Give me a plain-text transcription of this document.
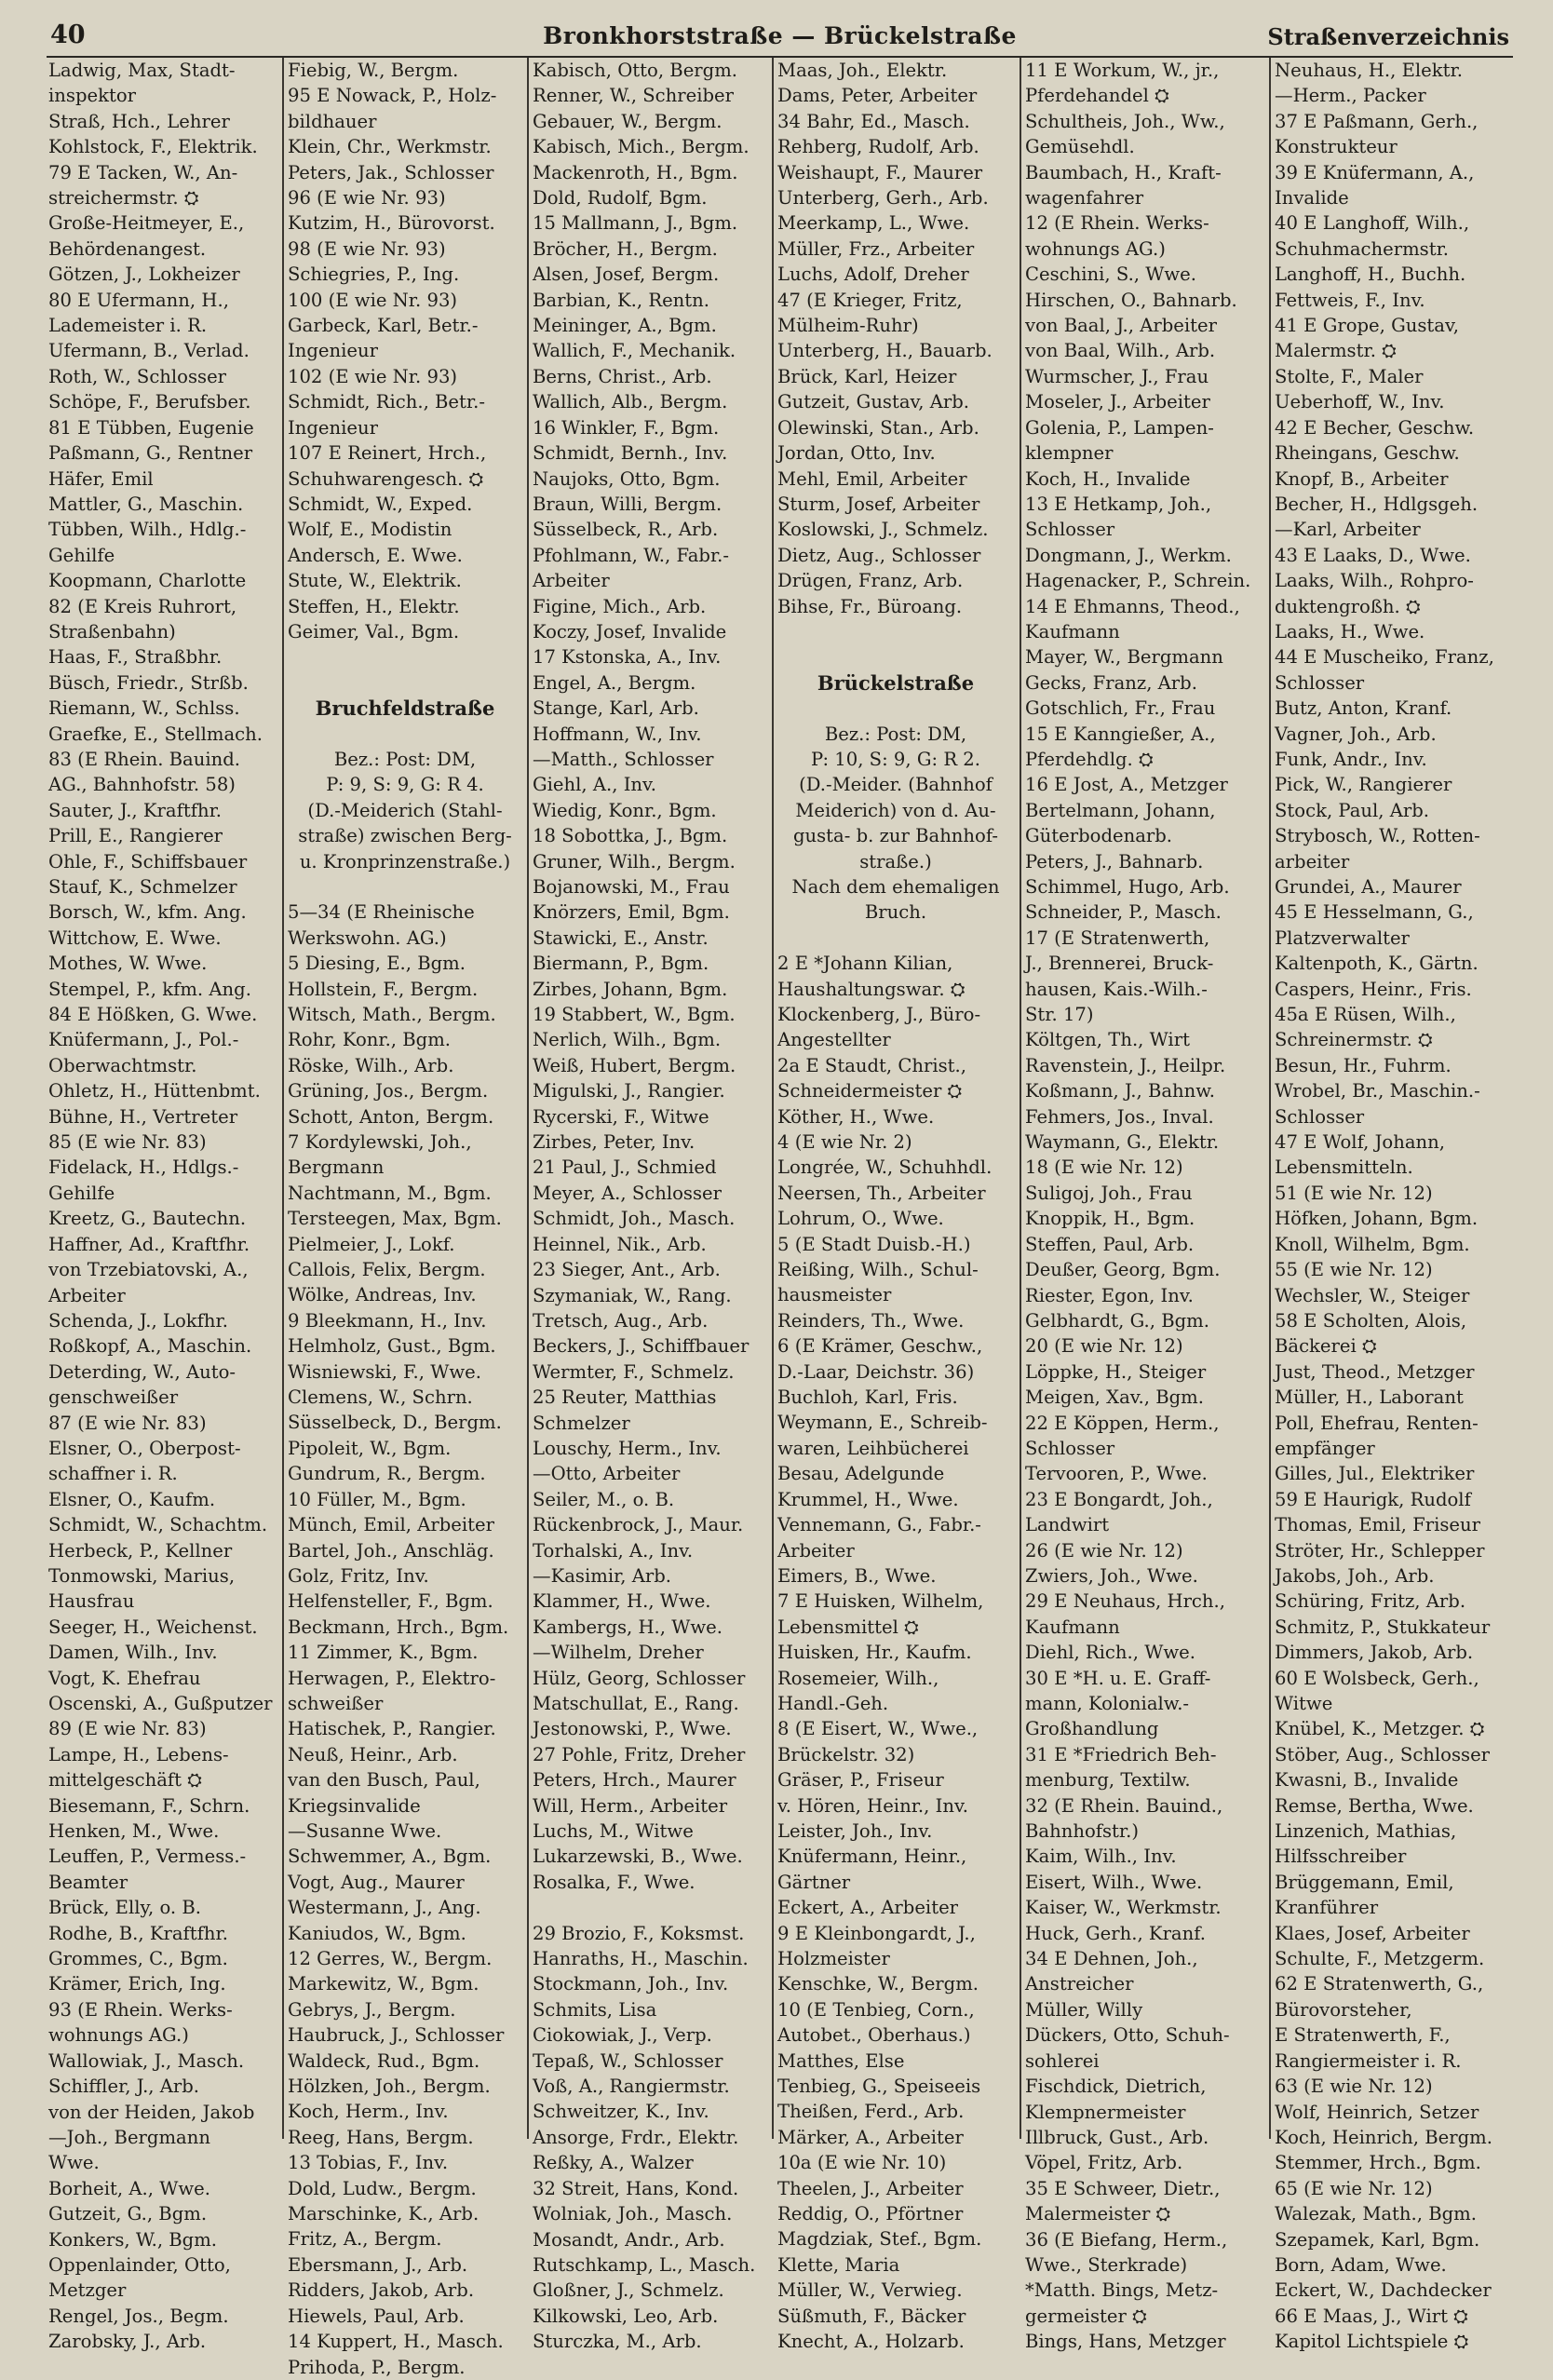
40	Bronkhorststraße — Brückelstraße	Straßenverzeichnis
Ladwig, Max, Stadt-
inspektor
Straß, Hch., Lehrer
Kohlstock, F., Elektrik.
79 E Tacken, W., An-
streichermstr. ⛭
Große-Heitmeyer, E.,
Behördenangest.
Götzen, J., Lokheizer
80 E Ufermann, H.,
Lademeister i. R.
Ufermann, B., Verlad.
Roth, W., Schlosser
Schöpe, F., Berufsber.
81 E Tübben, Eugenie
Paßmann, G., Rentner
Häfer, Emil
Mattler, G., Maschin.
Tübben, Wilh., Hdlg.-
Gehilfe
Koopmann, Charlotte
82 (E Kreis Ruhrort,
Straßenbahn)
Haas, F., Straßbhr.
Büsch, Friedr., Strßb.
Riemann, W., Schlss.
Graefke, E., Stellmach.
83 (E Rhein. Bauind.
AG., Bahnhofstr. 58)
Sauter, J., Kraftfhr.
Prill, E., Rangierer
Ohle, F., Schiffsbauer
Stauf, K., Schmelzer
Borsch, W., kfm. Ang.
Wittchow, E. Wwe.
Mothes, W. Wwe.
Stempel, P., kfm. Ang.
84 E Hößken, G. Wwe.
Knüfermann, J., Pol.-
Oberwachtmstr.
Ohletz, H., Hüttenbmt.
Bühne, H., Vertreter
85 (E wie Nr. 83)
Fidelack, H., Hdlgs.-
Gehilfe
Kreetz, G., Bautechn.
Haffner, Ad., Kraftfhr.
von Trzebiatovski, A.,
Arbeiter
Schenda, J., Lokfhr.
Roßkopf, A., Maschin.
Deterding, W., Auto-
genschweißer
87 (E wie Nr. 83)
Elsner, O., Oberpost-
schaffner i. R.
Elsner, O., Kaufm.
Schmidt, W., Schachtm.
Herbeck, P., Kellner
Tonmowski, Marius,
Hausfrau
Seeger, H., Weichenst.
Damen, Wilh., Inv.
Vogt, K. Ehefrau
Oscenski, A., Gußputzer
89 (E wie Nr. 83)
Lampe, H., Lebens-
mittelgeschäft ⛭
Biesemann, F., Schrn.
Henken, M., Wwe.
Leuffen, P., Vermess.-
Beamter
Brück, Elly, o. B.
Rodhe, B., Kraftfhr.
Grommes, C., Bgm.
Krämer, Erich, Ing.
93 (E Rhein. Werks-
wohnungs AG.)
Wallowiak, J., Masch.
Schiffler, J., Arb.
von der Heiden, Jakob
—Joh., Bergmann
Wwe.
Borheit, A., Wwe.
Gutzeit, G., Bgm.
Konkers, W., Bgm.
Oppenlainder, Otto,
Metzger
Rengel, Jos., Begm.
Zarobsky, J., Arb.
Fiebig, W., Bergm.
95 E Nowack, P., Holz-
bildhauer
Klein, Chr., Werkmstr.
Peters, Jak., Schlosser
96 (E wie Nr. 93)
Kutzim, H., Bürovorst.
98 (E wie Nr. 93)
Schiegries, P., Ing.
100 (E wie Nr. 93)
Garbeck, Karl, Betr.-
Ingenieur
102 (E wie Nr. 93)
Schmidt, Rich., Betr.-
Ingenieur
107 E Reinert, Hrch.,
Schuhwarengesch. ⛭
Schmidt, W., Exped.
Wolf, E., Modistin
Andersch, E. Wwe.
Stute, W., Elektrik.
Steffen, H., Elektr.
Geimer, Val., Bgm.
Bruchfeldstraße
Bez.: Post: DM,
P: 9, S: 9, G: R 4.
(D.-Meiderich (Stahl-
straße) zwischen Berg-
u. Kronprinzenstraße.)
5—34 (E Rheinische
Werkswohn. AG.)
5 Diesing, E., Bgm.
Hollstein, F., Bergm.
Witsch, Math., Bergm.
Rohr, Konr., Bgm.
Röske, Wilh., Arb.
Grüning, Jos., Bergm.
Schott, Anton, Bergm.
7 Kordylewski, Joh.,
Bergmann
Nachtmann, M., Bgm.
Tersteegen, Max, Bgm.
Pielmeier, J., Lokf.
Callois, Felix, Bergm.
Wölke, Andreas, Inv.
9 Bleekmann, H., Inv.
Helmholz, Gust., Bgm.
Wisniewski, F., Wwe.
Clemens, W., Schrn.
Süsselbeck, D., Bergm.
Pipoleit, W., Bgm.
Gundrum, R., Bergm.
10 Füller, M., Bgm.
Münch, Emil, Arbeiter
Bartel, Joh., Anschläg.
Golz, Fritz, Inv.
Helfensteller, F., Bgm.
Beckmann, Hrch., Bgm.
11 Zimmer, K., Bgm.
Herwagen, P., Elektro-
schweißer
Hatischek, P., Rangier.
Neuß, Heinr., Arb.
van den Busch, Paul,
Kriegsinvalide
—Susanne Wwe.
Schwemmer, A., Bgm.
Vogt, Aug., Maurer
Westermann, J., Ang.
Kaniudos, W., Bgm.
12 Gerres, W., Bergm.
Markewitz, W., Bgm.
Gebrys, J., Bergm.
Haubruck, J., Schlosser
Waldeck, Rud., Bgm.
Hölzken, Joh., Bergm.
Koch, Herm., Inv.
Reeg, Hans, Bergm.
13 Tobias, F., Inv.
Dold, Ludw., Bergm.
Marschinke, K., Arb.
Fritz, A., Bergm.
Ebersmann, J., Arb.
Ridders, Jakob, Arb.
Hiewels, Paul, Arb.
14 Kuppert, H., Masch.
Prihoda, P., Bergm.
Kabisch, Otto, Bergm.
Renner, W., Schreiber
Gebauer, W., Bergm.
Kabisch, Mich., Bergm.
Mackenroth, H., Bgm.
Dold, Rudolf, Bgm.
15 Mallmann, J., Bgm.
Bröcher, H., Bergm.
Alsen, Josef, Bergm.
Barbian, K., Rentn.
Meininger, A., Bgm.
Wallich, F., Mechanik.
Berns, Christ., Arb.
Wallich, Alb., Bergm.
16 Winkler, F., Bgm.
Schmidt, Bernh., Inv.
Naujoks, Otto, Bgm.
Braun, Willi, Bergm.
Süsselbeck, R., Arb.
Pfohlmann, W., Fabr.-
Arbeiter
Figine, Mich., Arb.
Koczy, Josef, Invalide
17 Kstonska, A., Inv.
Engel, A., Bergm.
Stange, Karl, Arb.
Hoffmann, W., Inv.
—Matth., Schlosser
Giehl, A., Inv.
Wiedig, Konr., Bgm.
18 Sobottka, J., Bgm.
Gruner, Wilh., Bergm.
Bojanowski, M., Frau
Knörzers, Emil, Bgm.
Stawicki, E., Anstr.
Biermann, P., Bgm.
Zirbes, Johann, Bgm.
19 Stabbert, W., Bgm.
Nerlich, Wilh., Bgm.
Weiß, Hubert, Bergm.
Migulski, J., Rangier.
Rycerski, F., Witwe
Zirbes, Peter, Inv.
21 Paul, J., Schmied
Meyer, A., Schlosser
Schmidt, Joh., Masch.
Heinnel, Nik., Arb.
23 Sieger, Ant., Arb.
Szymaniak, W., Rang.
Tretsch, Aug., Arb.
Beckers, J., Schiffbauer
Wermter, F., Schmelz.
25 Reuter, Matthias
Schmelzer
Louschy, Herm., Inv.
—Otto, Arbeiter
Seiler, M., o. B.
Rückenbrock, J., Maur.
Torhalski, A., Inv.
—Kasimir, Arb.
Klammer, H., Wwe.
Kambergs, H., Wwe.
—Wilhelm, Dreher
Hülz, Georg, Schlosser
Matschullat, E., Rang.
Jestonowski, P., Wwe.
27 Pohle, Fritz, Dreher
Peters, Hrch., Maurer
Will, Herm., Arbeiter
Luchs, M., Witwe
Lukarzewski, B., Wwe.
Rosalka, F., Wwe.
29 Brozio, F., Koksmst.
Hanraths, H., Maschin.
Stockmann, Joh., Inv.
Schmits, Lisa
Ciokowiak, J., Verp.
Tepaß, W., Schlosser
Voß, A., Rangiermstr.
Schweitzer, K., Inv.
Ansorge, Frdr., Elektr.
Reßky, A., Walzer
32 Streit, Hans, Kond.
Wolniak, Joh., Masch.
Mosandt, Andr., Arb.
Rutschkamp, L., Masch.
Gloßner, J., Schmelz.
Kilkowski, Leo, Arb.
Sturczka, M., Arb.
Maas, Joh., Elektr.
Dams, Peter, Arbeiter
34 Bahr, Ed., Masch.
Rehberg, Rudolf, Arb.
Weishaupt, F., Maurer
Unterberg, Gerh., Arb.
Meerkamp, L., Wwe.
Müller, Frz., Arbeiter
Luchs, Adolf, Dreher
47 (E Krieger, Fritz,
Mülheim-Ruhr)
Unterberg, H., Bauarb.
Brück, Karl, Heizer
Gutzeit, Gustav, Arb.
Olewinski, Stan., Arb.
Jordan, Otto, Inv.
Mehl, Emil, Arbeiter
Sturm, Josef, Arbeiter
Koslowski, J., Schmelz.
Dietz, Aug., Schlosser
Drügen, Franz, Arb.
Bihse, Fr., Büroang.
Brückelstraße
Bez.: Post: DM,
P: 10, S: 9, G: R 2.
(D.-Meider. (Bahnhof
Meiderich) von d. Au-
gusta- b. zur Bahnhof-
straße.)
Nach dem ehemaligen
Bruch.
2 E *Johann Kilian,
Haushaltungswar. ⛭
Klockenberg, J., Büro-
Angestellter
2a E Staudt, Christ.,
Schneidermeister ⛭
Köther, H., Wwe.
4 (E wie Nr. 2)
Longrée, W., Schuhhdl.
Neersen, Th., Arbeiter
Lohrum, O., Wwe.
5 (E Stadt Duisb.-H.)
Reißing, Wilh., Schul-
hausmeister
Reinders, Th., Wwe.
6 (E Krämer, Geschw.,
D.-Laar, Deichstr. 36)
Buchloh, Karl, Fris.
Weymann, E., Schreib-
waren, Leihbücherei
Besau, Adelgunde
Krummel, H., Wwe.
Vennemann, G., Fabr.-
Arbeiter
Eimers, B., Wwe.
7 E Huisken, Wilhelm,
Lebensmittel ⛭
Huisken, Hr., Kaufm.
Rosemeier, Wilh.,
Handl.-Geh.
8 (E Eisert, W., Wwe.,
Brückelstr. 32)
Gräser, P., Friseur
v. Hören, Heinr., Inv.
Leister, Joh., Inv.
Knüfermann, Heinr.,
Gärtner
Eckert, A., Arbeiter
9 E Kleinbongardt, J.,
Holzmeister
Kenschke, W., Bergm.
10 (E Tenbieg, Corn.,
Autobet., Oberhaus.)
Matthes, Else
Tenbieg, G., Speiseeis
Theißen, Ferd., Arb.
Märker, A., Arbeiter
10a (E wie Nr. 10)
Theelen, J., Arbeiter
Reddig, O., Pförtner
Magdziak, Stef., Bgm.
Klette, Maria
Müller, W., Verwieg.
Süßmuth, F., Bäcker
Knecht, A., Holzarb.
11 E Workum, W., jr.,
Pferdehandel ⛭
Schultheis, Joh., Ww.,
Gemüsehdl.
Baumbach, H., Kraft-
wagenfahrer
12 (E Rhein. Werks-
wohnungs AG.)
Ceschini, S., Wwe.
Hirschen, O., Bahnarb.
von Baal, J., Arbeiter
von Baal, Wilh., Arb.
Wurmscher, J., Frau
Moseler, J., Arbeiter
Golenia, P., Lampen-
klempner
Koch, H., Invalide
13 E Hetkamp, Joh.,
Schlosser
Dongmann, J., Werkm.
Hagenacker, P., Schrein.
14 E Ehmanns, Theod.,
Kaufmann
Mayer, W., Bergmann
Gecks, Franz, Arb.
Gotschlich, Fr., Frau
15 E Kanngießer, A.,
Pferdehdlg. ⛭
16 E Jost, A., Metzger
Bertelmann, Johann,
Güterbodenarb.
Peters, J., Bahnarb.
Schimmel, Hugo, Arb.
Schneider, P., Masch.
17 (E Stratenwerth,
J., Brennerei, Bruck-
hausen, Kais.-Wilh.-
Str. 17)
Költgen, Th., Wirt
Ravenstein, J., Heilpr.
Koßmann, J., Bahnw.
Fehmers, Jos., Inval.
Waymann, G., Elektr.
18 (E wie Nr. 12)
Suligoj, Joh., Frau
Knoppik, H., Bgm.
Steffen, Paul, Arb.
Deußer, Georg, Bgm.
Riester, Egon, Inv.
Gelbhardt, G., Bgm.
20 (E wie Nr. 12)
Löppke, H., Steiger
Meigen, Xav., Bgm.
22 E Köppen, Herm.,
Schlosser
Tervooren, P., Wwe.
23 E Bongardt, Joh.,
Landwirt
26 (E wie Nr. 12)
Zwiers, Joh., Wwe.
29 E Neuhaus, Hrch.,
Kaufmann
Diehl, Rich., Wwe.
30 E *H. u. E. Graff-
mann, Kolonialw.-
Großhandlung
31 E *Friedrich Beh-
menburg, Textilw.
32 (E Rhein. Bauind.,
Bahnhofstr.)
Kaim, Wilh., Inv.
Eisert, Wilh., Wwe.
Kaiser, W., Werkmstr.
Huck, Gerh., Kranf.
34 E Dehnen, Joh.,
Anstreicher
Müller, Willy
Dückers, Otto, Schuh-
sohlerei
Fischdick, Dietrich,
Klempnermeister
Illbruck, Gust., Arb.
Vöpel, Fritz, Arb.
35 E Schweer, Dietr.,
Malermeister ⛭
36 (E Biefang, Herm.,
Wwe., Sterkrade)
*Matth. Bings, Metz-
germeister ⛭
Bings, Hans, Metzger
Neuhaus, H., Elektr.
—Herm., Packer
37 E Paßmann, Gerh.,
Konstrukteur
39 E Knüfermann, A.,
Invalide
40 E Langhoff, Wilh.,
Schuhmachermstr.
Langhoff, H., Buchh.
Fettweis, F., Inv.
41 E Grope, Gustav,
Malermstr. ⛭
Stolte, F., Maler
Ueberhoff, W., Inv.
42 E Becher, Geschw.
Rheingans, Geschw.
Knopf, B., Arbeiter
Becher, H., Hdlgsgeh.
—Karl, Arbeiter
43 E Laaks, D., Wwe.
Laaks, Wilh., Rohpro-
duktengroßh. ⛭
Laaks, H., Wwe.
44 E Muscheiko, Franz,
Schlosser
Butz, Anton, Kranf.
Vagner, Joh., Arb.
Funk, Andr., Inv.
Pick, W., Rangierer
Stock, Paul, Arb.
Strybosch, W., Rotten-
arbeiter
Grundei, A., Maurer
45 E Hesselmann, G.,
Platzverwalter
Kaltenpoth, K., Gärtn.
Caspers, Heinr., Fris.
45a E Rüsen, Wilh.,
Schreinermstr. ⛭
Besun, Hr., Fuhrm.
Wrobel, Br., Maschin.-
Schlosser
47 E Wolf, Johann,
Lebensmitteln.
51 (E wie Nr. 12)
Höfken, Johann, Bgm.
Knoll, Wilhelm, Bgm.
55 (E wie Nr. 12)
Wechsler, W., Steiger
58 E Scholten, Alois,
Bäckerei ⛭
Just, Theod., Metzger
Müller, H., Laborant
Poll, Ehefrau, Renten-
empfänger
Gilles, Jul., Elektriker
59 E Haurigk, Rudolf
Thomas, Emil, Friseur
Ströter, Hr., Schlepper
Jakobs, Joh., Arb.
Schüring, Fritz, Arb.
Schmitz, P., Stukkateur
Dimmers, Jakob, Arb.
60 E Wolsbeck, Gerh.,
Witwe
Knübel, K., Metzger. ⛭
Stöber, Aug., Schlosser
Kwasni, B., Invalide
Remse, Bertha, Wwe.
Linzenich, Mathias,
Hilfsschreiber
Brüggemann, Emil,
Kranführer
Klaes, Josef, Arbeiter
Schulte, F., Metzgerm.
62 E Stratenwerth, G.,
Bürovorsteher,
E Stratenwerth, F.,
Rangiermeister i. R.
63 (E wie Nr. 12)
Wolf, Heinrich, Setzer
Koch, Heinrich, Bergm.
Stemmer, Hrch., Bgm.
65 (E wie Nr. 12)
Walezak, Math., Bgm.
Szepamek, Karl, Bgm.
Born, Adam, Wwe.
Eckert, W., Dachdecker
66 E Maas, J., Wirt ⛭
Kapitol Lichtspiele ⛭
